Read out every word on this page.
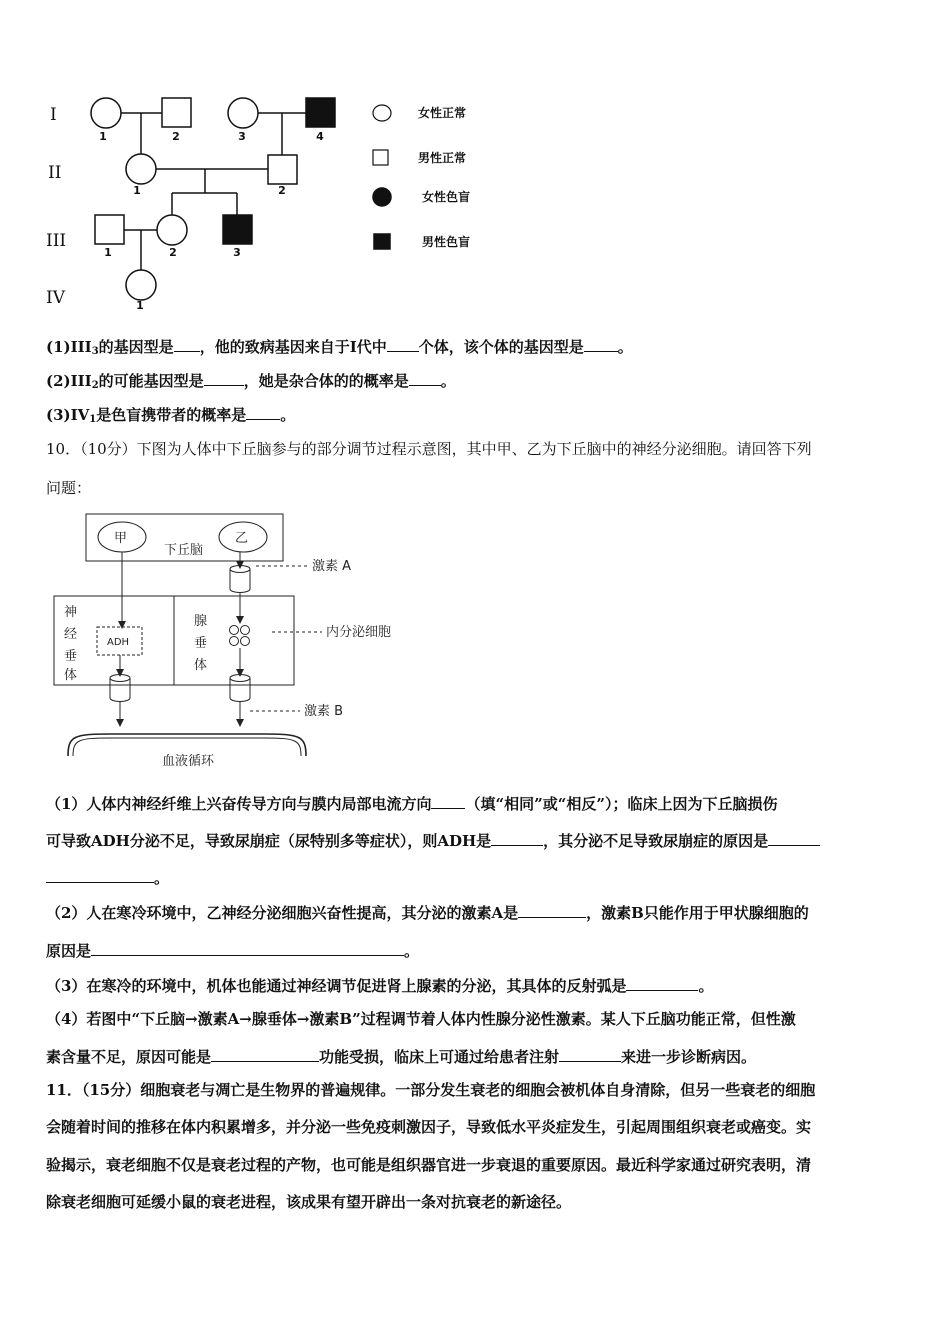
1	2	3	4
1	2
1	2	3
1
I
II
III
IV
女性正常
男性正常
女性色盲
男性色盲
$(1)III_3$的基因型是 ，他的致病基因来自于Ⅰ代中 个体，该个体的基因型是 。
$(2)III_2$的可能基因型是	，她是杂合体的的概率是 。
$(3)IV_1$是色盲携带者的概率是 。
10．（10分）下图为人体中下丘脑参与的部分调节过程示意图，其中甲、乙为下丘脑中的神经分泌细胞。请回答下列
问题：
甲	乙
下丘脑
激素 A
内分泌细胞
激素 B
血液循环
神
经
垂
体
腺
垂
体
ADH
（1）人体内神经纤维上兴奋传导方向与膜内局部电流方向 （填“相同”或“相反”）；临床上因为下丘脑损伤
可导致ADH分泌不足，导致尿崩症（尿特别多等症状），则ADH是	，其分泌不足导致尿崩症的原因是
。
（2）人在寒冷环境中，乙神经分泌细胞兴奋性提高，其分泌的激素A是	，激素B只能作用于甲状腺细胞的
原因是	。
（3）在寒冷的环境中，机体也能通过神经调节促进肾上腺素的分泌，其具体的反射弧是	。
（4）若图中“下丘脑→激素A→腺垂体→激素B”过程调节着人体内性腺分泌性激素。某人下丘脑功能正常，但性激
素含量不足，原因可能是	功能受损，临床上可通过给患者注射	来进一步诊断病因。
11．（15分）细胞衰老与凋亡是生物界的普遍规律。一部分发生衰老的细胞会被机体自身清除，但另一些衰老的细胞
会随着时间的推移在体内积累增多，并分泌一些免疫刺激因子，导致低水平炎症发生，引起周围组织衰老或癌变。实
验揭示，衰老细胞不仅是衰老过程的产物，也可能是组织器官进一步衰退的重要原因。最近科学家通过研究表明，清
除衰老细胞可延缓小鼠的衰老进程，该成果有望开辟出一条对抗衰老的新途径。
